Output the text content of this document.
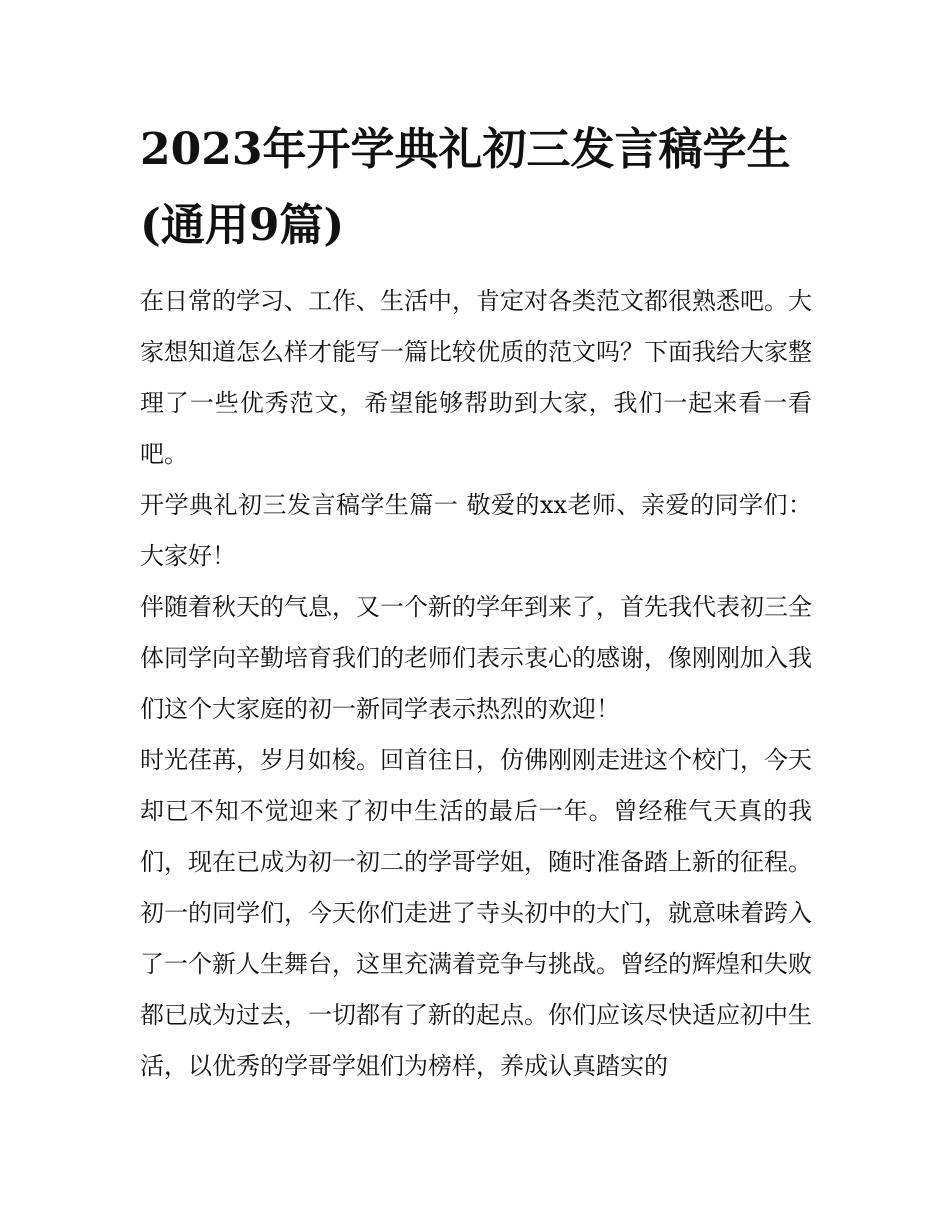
2023年开学典礼初三发言稿学生(通用9篇)

在日常的学习、工作、生活中，肯定对各类范文都很熟悉吧。大家想知道怎么样才能写一篇比较优质的范文吗？下面我给大家整理了一些优秀范文，希望能够帮助到大家，我们一起来看一看吧。

开学典礼初三发言稿学生篇一 敬爱的xx老师、亲爱的同学们： 大家好！

伴随着秋天的气息，又一个新的学年到来了，首先我代表初三全体同学向辛勤培育我们的老师们表示衷心的感谢，像刚刚加入我们这个大家庭的初一新同学表示热烈的欢迎！

时光荏苒，岁月如梭。回首往日，仿佛刚刚走进这个校门，今天却已不知不觉迎来了初中生活的最后一年。曾经稚气天真的我们，现在已成为初一初二的学哥学姐，随时准备踏上新的征程。初一的同学们，今天你们走进了寺头初中的大门，就意味着跨入了一个新人生舞台，这里充满着竞争与挑战。曾经的辉煌和失败都已成为过去，一切都有了新的起点。你们应该尽快适应初中生活，以优秀的学哥学姐们为榜样，养成认真踏实的
